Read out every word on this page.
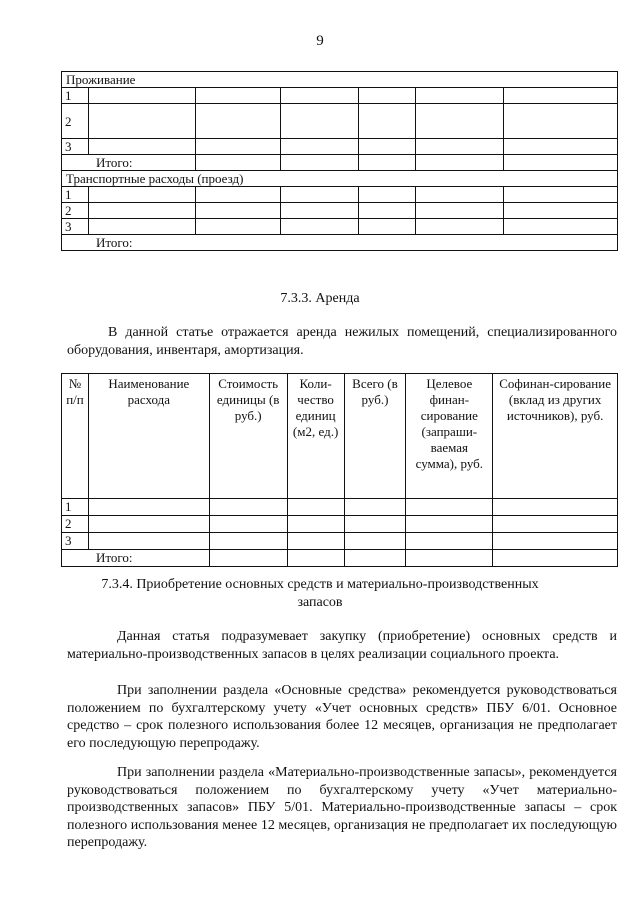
9
Проживание						
1						
2						
3						
Итого:						
Транспортные расходы (проезд)						
1						
2						
3						
Итого:						
7.3.3. Аренда
В данной статье отражается аренда нежилых помещений, специализированного оборудования, инвентаря, амортизация.
№ п/п	Наименование расхода	Стоимость единицы (в руб.)	Коли-чество единиц (м2, ед.)	Всего (в руб.)	Целевое финан-сирование (запраши-ваемая сумма), руб.	Софинан-сирование (вклад из других источников), руб.
1						
2						
3						
Итого:						
7.3.4. Приобретение основных средств и материально-производственных
запасов
Данная статья подразумевает закупку (приобретение) основных средств и материально-производственных запасов в целях реализации социального проекта.
При заполнении раздела «Основные средства» рекомендуется руководствоваться положением по бухгалтерскому учету «Учет основных средств» ПБУ 6/01. Основное средство – срок полезного использования более 12 месяцев, организация не предполагает его последующую перепродажу.
При заполнении раздела «Материально-производственные запасы», рекомендуется руководствоваться положением по бухгалтерскому учету «Учет материально-производственных запасов» ПБУ 5/01. Материально-производственные запасы – срок полезного использования менее 12 месяцев, организация не предполагает их последующую перепродажу.
